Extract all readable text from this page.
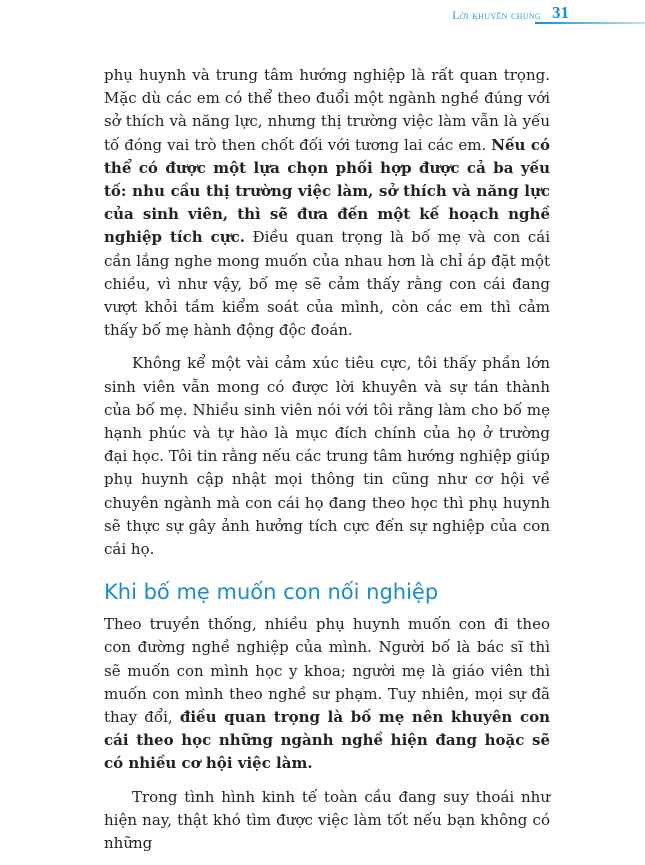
Lời khuyên chung 31

phụ huynh và trung tâm hướng nghiệp là rất quan trọng. Mặc dù các em có thể theo đuổi một ngành nghề đúng với sở thích và năng lực, nhưng thị trường việc làm vẫn là yếu tố đóng vai trò then chốt đối với tương lai các em. Nếu có thể có được một lựa chọn phối hợp được cả ba yếu tố: nhu cầu thị trường việc làm, sở thích và năng lực của sinh viên, thì sẽ đưa đến một kế hoạch nghề nghiệp tích cực. Điều quan trọng là bố mẹ và con cái cần lắng nghe mong muốn của nhau hơn là chỉ áp đặt một chiều, vì như vậy, bố mẹ sẽ cảm thấy rằng con cái đang vượt khỏi tầm kiểm soát của mình, còn các em thì cảm thấy bố mẹ hành động độc đoán.

Không kể một vài cảm xúc tiêu cực, tôi thấy phần lớn sinh viên vẫn mong có được lời khuyên và sự tán thành của bố mẹ. Nhiều sinh viên nói với tôi rằng làm cho bố mẹ hạnh phúc và tự hào là mục đích chính của họ ở trường đại học. Tôi tin rằng nếu các trung tâm hướng nghiệp giúp phụ huynh cập nhật mọi thông tin cũng như cơ hội về chuyên ngành mà con cái họ đang theo học thì phụ huynh sẽ thực sự gây ảnh hưởng tích cực đến sự nghiệp của con cái họ.

Khi bố mẹ muốn con nối nghiệp

Theo truyền thống, nhiều phụ huynh muốn con đi theo con đường nghề nghiệp của mình. Người bố là bác sĩ thì sẽ muốn con mình học y khoa; người mẹ là giáo viên thì muốn con mình theo nghề sư phạm. Tuy nhiên, mọi sự đã thay đổi, điều quan trọng là bố mẹ nên khuyên con cái theo học những ngành nghề hiện đang hoặc sẽ có nhiều cơ hội việc làm.

Trong tình hình kinh tế toàn cầu đang suy thoái như hiện nay, thật khó tìm được việc làm tốt nếu bạn không có những
